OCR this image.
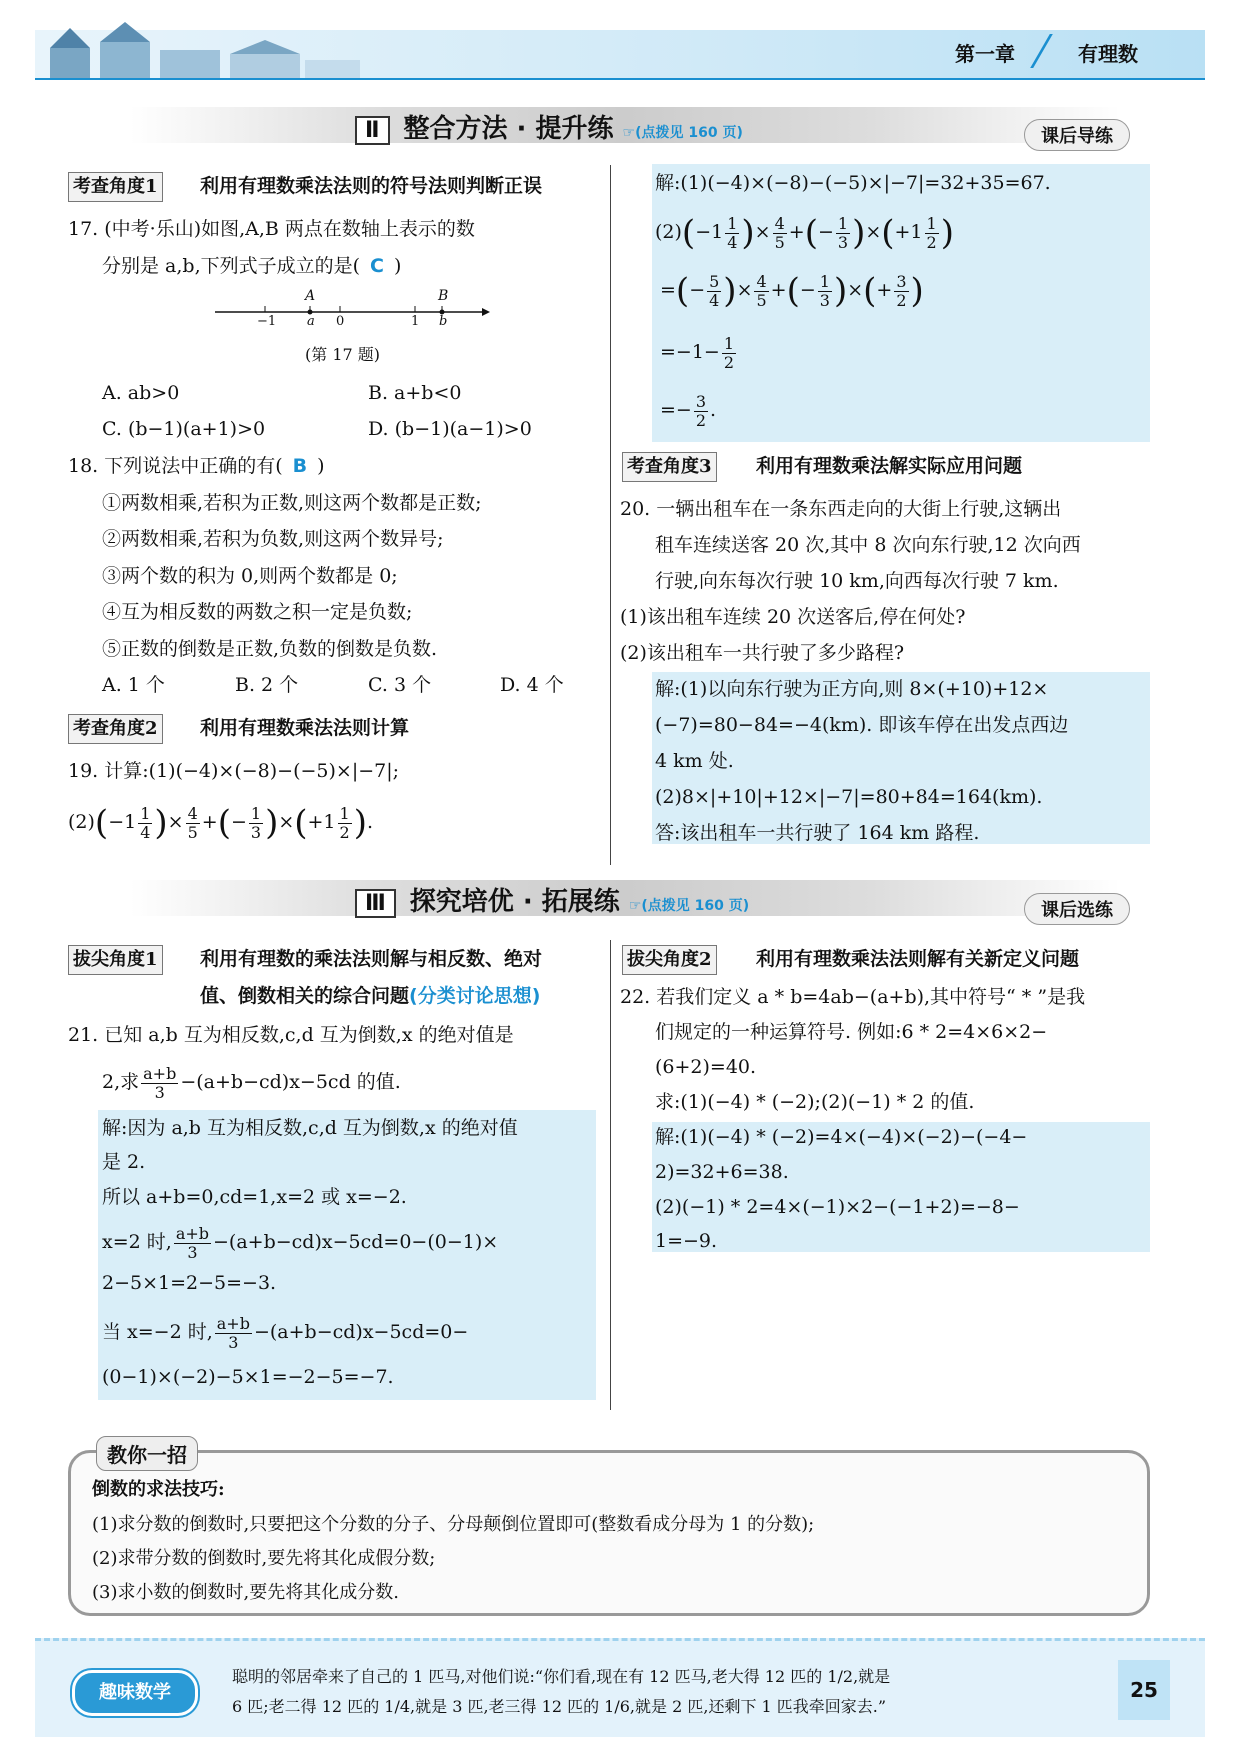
第一章	有理数
Ⅱ 整合方法 · 提升练 ☞(点拨见 160 页)	课后导练
考查角度1 利用有理数乘法法则的符号法则判断正误
17. (中考·乐山)如图,A,B 两点在数轴上表示的数
分别是 a,b,下列式子成立的是( C )
A	B
−1 a 0	1 b
(第 17 题)
A. ab>0	B. a+b<0
C. (b−1)(a+1)>0	D. (b−1)(a−1)>0
18. 下列说法中正确的有( B )
①两数相乘,若积为正数,则这两个数都是正数;
②两数相乘,若积为负数,则这两个数异号;
③两个数的积为 0,则两个数都是 0;
④互为相反数的两数之积一定是负数;
⑤正数的倒数是正数,负数的倒数是负数.
A. 1 个	B. 2 个	C. 3 个	D. 4 个
考查角度2 利用有理数乘法法则计算
19. 计算:(1)(−4)×(−8)−(−5)×|−7|;
$(2)(-1 \frac{1}{4}$ )× $\frac{4}{5}$ +(− $\frac{1}{3} )\times(+1 \frac{1}{2}$ ).
解:(1)(−4)×(−8)−(−5)×|−7|=32+35=67.
$(2)(-1 \frac{1}{4}$ )× $\frac{4}{5}$ +(− $\frac{1}{3} )\times(+1 \frac{1}{2}$ )
=(− $\frac{5}{4}$ )× $\frac{4}{5}$ +(− $\frac{1}{3}$ )×(+ $\frac{3}{2}$ )
$=-1- \frac{1}{2}$
=− $\frac{3}{2}$ .
考查角度3 利用有理数乘法解实际应用问题
20. 一辆出租车在一条东西走向的大街上行驶,这辆出
租车连续送客 20 次,其中 8 次向东行驶,12 次向西
行驶,向东每次行驶 10 km,向西每次行驶 7 km.
(1)该出租车连续 20 次送客后,停在何处?
(2)该出租车一共行驶了多少路程?
解:(1)以向东行驶为正方向,则 8×(+10)+12×
(−7)=80−84=−4(km). 即该车停在出发点西边
4 km 处.
(2)8×|+10|+12×|−7|=80+84=164(km).
答:该出租车一共行驶了 164 km 路程.
Ⅲ 探究培优 · 拓展练 ☞(点拨见 160 页)	课后选练
拔尖角度1 利用有理数的乘法法则解与相反数、绝对
值、倒数相关的综合问题(分类讨论思想)
21. 已知 a,b 互为相反数,c,d 互为倒数,x 的绝对值是
2,求 $\frac{a+b}{3} -(a+b-cd)x-5cd$ 的值.
解:因为 a,b 互为相反数,c,d 互为倒数,x 的绝对值
是 2.
所以 a+b=0,cd=1,x=2 或 x=−2.
x=2 时, $\frac{a+b}{3} -(a+b-cd)x-5cd=0-(0-1)\times$
2−5×1=2−5=−3.
当 x=−2 时, $\frac{a+b}{3} -(a+b-cd)x-5cd=0-$
(0−1)×(−2)−5×1=−2−5=−7.
拔尖角度2 利用有理数乘法法则解有关新定义问题
22. 若我们定义 a * b=4ab−(a+b),其中符号“ * ”是我
们规定的一种运算符号. 例如:6 * 2=4×6×2−
(6+2)=40.
求:(1)(−4) * (−2);(2)(−1) * 2 的值.
解:(1)(−4) * (−2)=4×(−4)×(−2)−(−4−
2)=32+6=38.
(2)(−1) * 2=4×(−1)×2−(−1+2)=−8−
1=−9.
教你一招
倒数的求法技巧:
(1)求分数的倒数时,只要把这个分数的分子、分母颠倒位置即可(整数看成分母为 1 的分数);
(2)求带分数的倒数时,要先将其化成假分数;
(3)求小数的倒数时,要先将其化成分数.
趣味数学
聪明的邻居牵来了自己的 1 匹马,对他们说:“你们看,现在有 12 匹马,老大得 12 匹的 1/2,就是
6 匹;老二得 12 匹的 1/4,就是 3 匹,老三得 12 匹的 1/6,就是 2 匹,还剩下 1 匹我牵回家去.”
25
